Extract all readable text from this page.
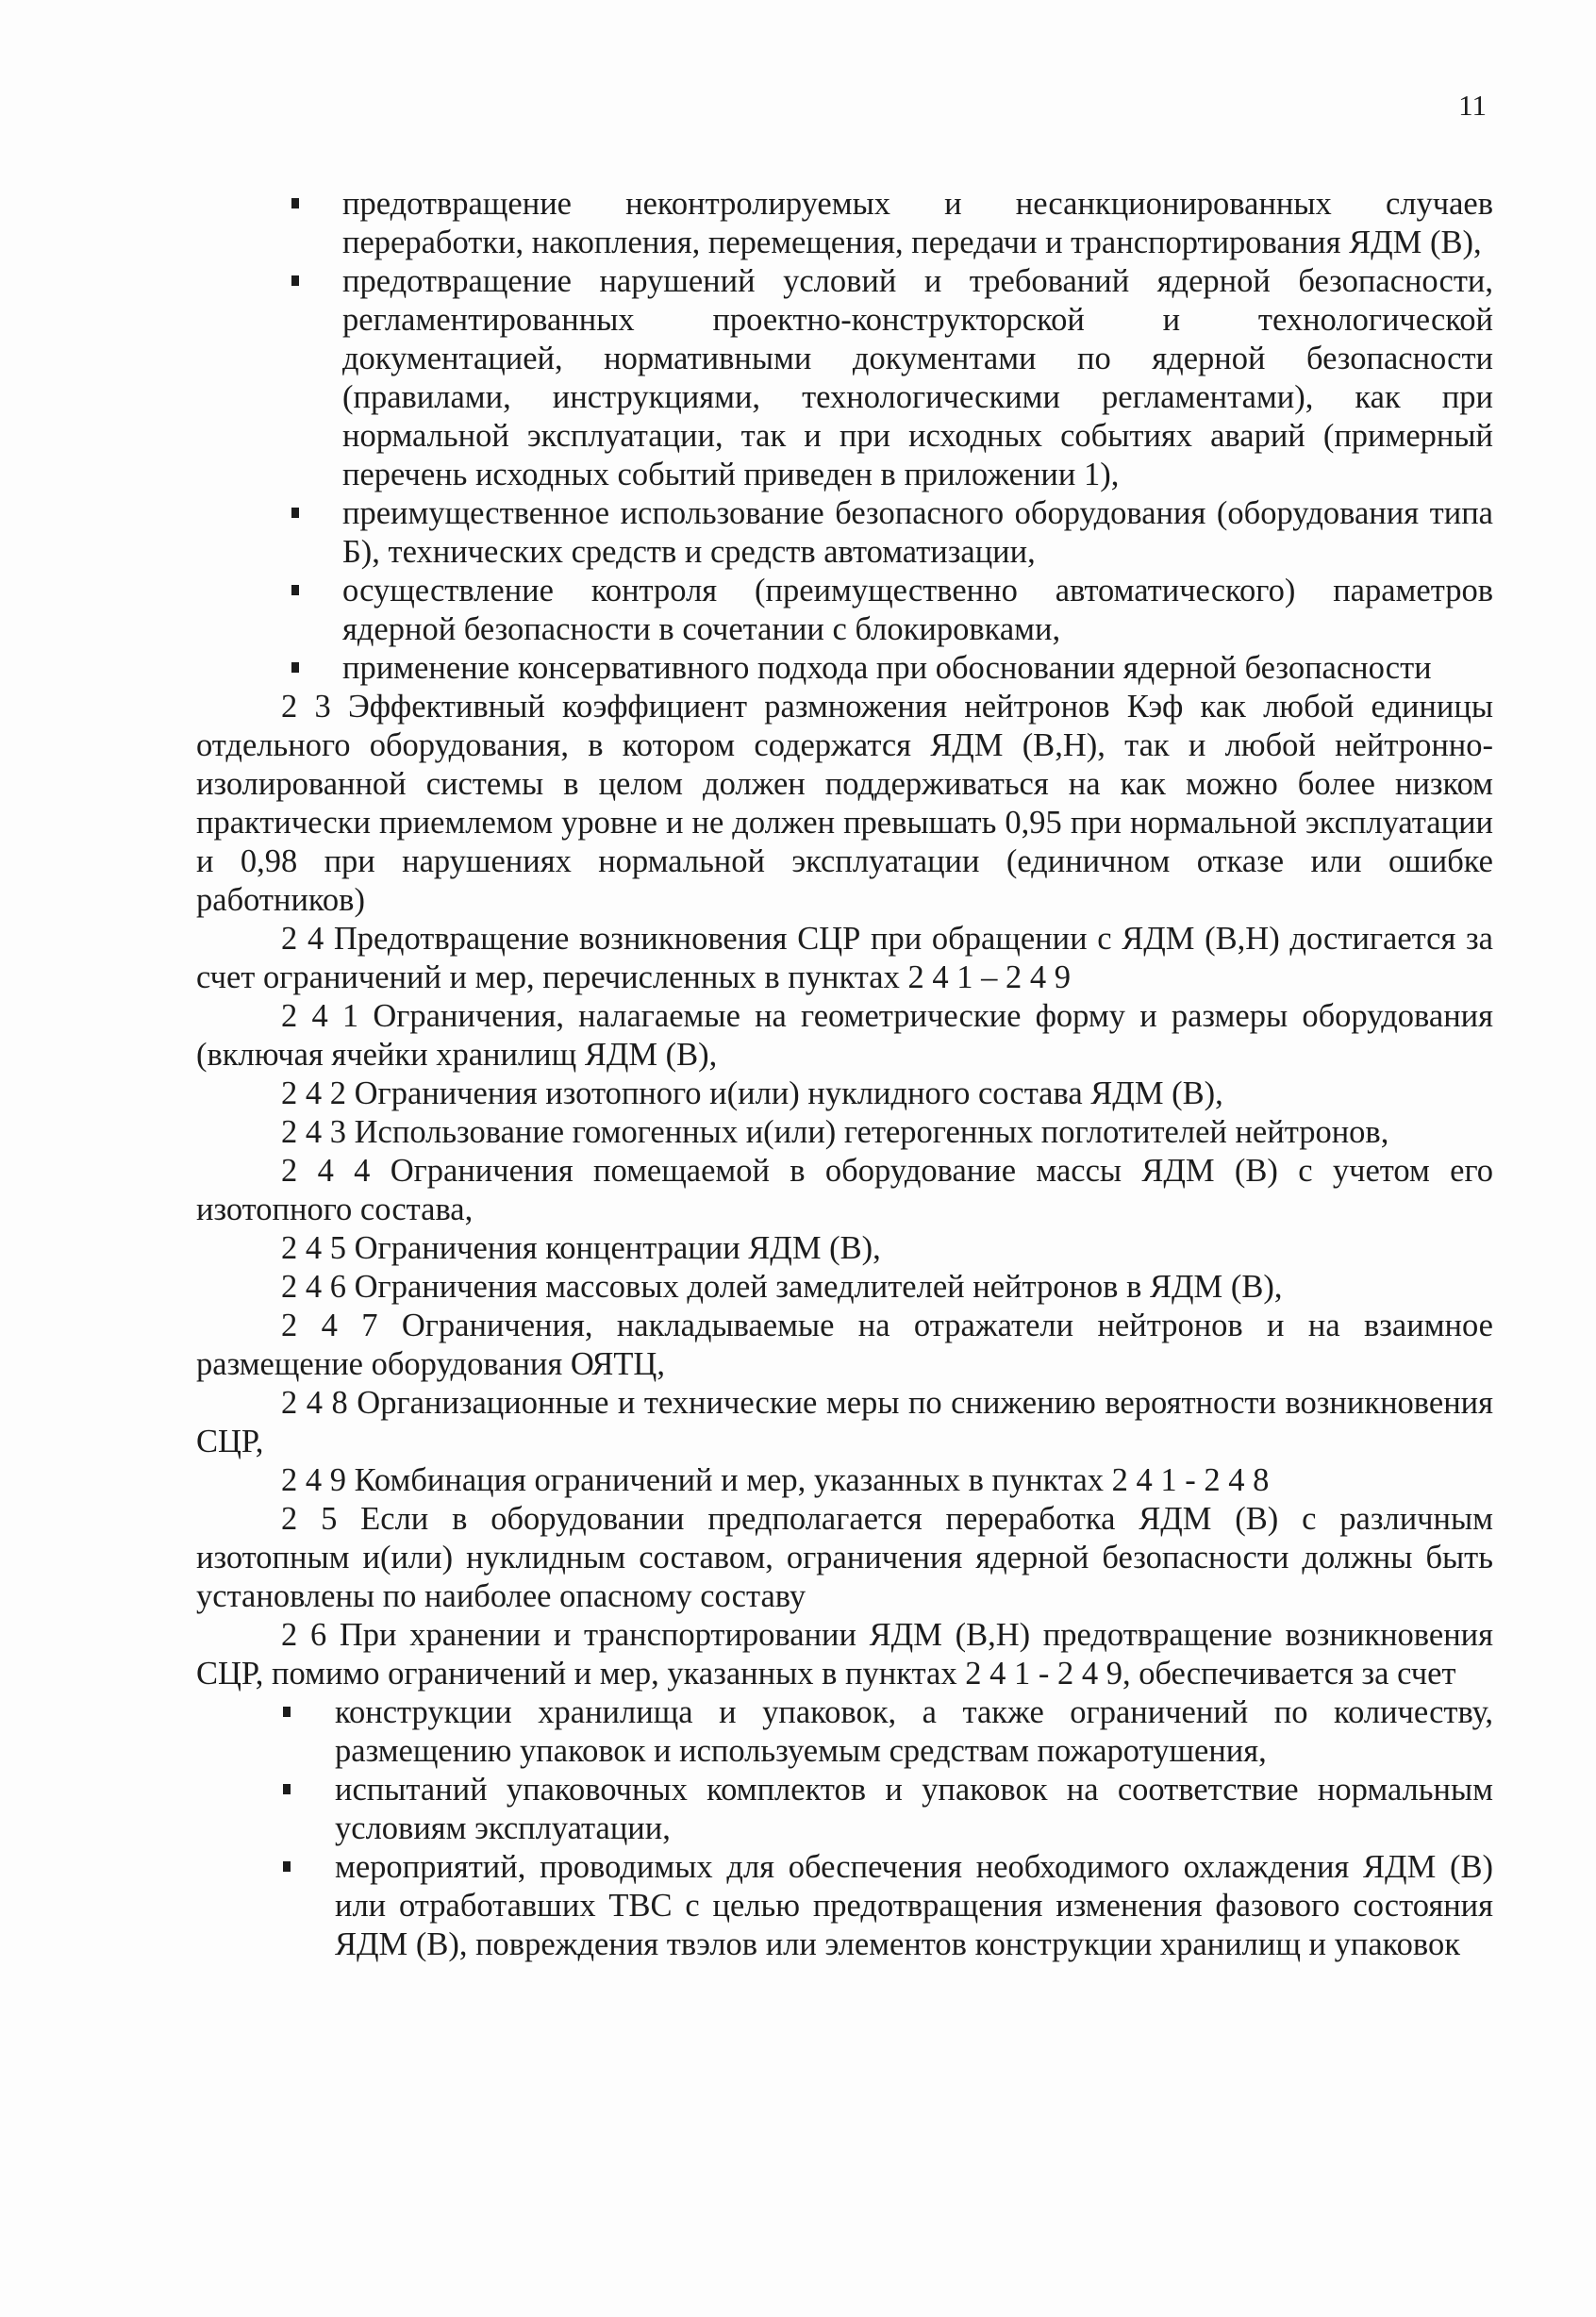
11
предотвращение неконтролируемых и несанкционированных случаев переработки, накопления, перемещения, передачи и транспортирования ЯДМ (В),
предотвращение нарушений условий и требований ядерной безопасности, регламентированных проектно-конструкторской и технологической документацией, нормативными документами по ядерной безопасности (правилами, инструкциями, технологическими регламентами), как при нормальной эксплуатации, так и при исходных событиях аварий (примерный перечень исходных событий приведен в приложении 1),
преимущественное использование безопасного оборудования (оборудования типа Б), технических средств и средств автоматизации,
осуществление контроля (преимущественно автоматического) параметров ядерной безопасности в сочетании с блокировками,
применение консервативного подхода при обосновании ядерной безопасности

2 3 Эффективный коэффициент размножения нейтронов Кэф как любой единицы отдельного оборудования, в котором содержатся ЯДМ (В,Н), так и любой нейтронно-изолированной системы в целом должен поддерживаться на как можно более низком практически приемлемом уровне и не должен превышать 0,95 при нормальной эксплуатации и 0,98 при нарушениях нормальной эксплуатации (единичном отказе или ошибке работников)

2 4 Предотвращение возникновения СЦР при обращении с ЯДМ (В,Н) достигается за счет ограничений и мер, перечисленных в пунктах 2 4 1 – 2 4 9

2 4 1 Ограничения, налагаемые на геометрические форму и размеры оборудования (включая ячейки хранилищ ЯДМ (В),

2 4 2 Ограничения изотопного и(или) нуклидного состава ЯДМ (В),

2 4 3 Использование гомогенных и(или) гетерогенных поглотителей нейтронов,

2 4 4 Ограничения помещаемой в оборудование массы ЯДМ (В) с учетом его изотопного состава,

2 4 5 Ограничения концентрации ЯДМ (В),

2 4 6 Ограничения массовых долей замедлителей нейтронов в ЯДМ (В),

2 4 7 Ограничения, накладываемые на отражатели нейтронов и на взаимное размещение оборудования ОЯТЦ,

2 4 8 Организационные и технические меры по снижению вероятности возникновения СЦР,

2 4 9 Комбинация ограничений и мер, указанных в пунктах 2 4 1 - 2 4 8

2 5 Если в оборудовании предполагается переработка ЯДМ (В) с различным изотопным и(или) нуклидным составом, ограничения ядерной безопасности должны быть установлены по наиболее опасному составу

2 6 При хранении и транспортировании ЯДМ (В,Н) предотвращение возникновения СЦР, помимо ограничений и мер, указанных в пунктах 2 4 1 - 2 4 9, обеспечивается за счет

конструкции хранилища и упаковок, а также ограничений по количеству, размещению упаковок и используемым средствам пожаротушения,
испытаний упаковочных комплектов и упаковок на соответствие нормальным условиям эксплуатации,
мероприятий, проводимых для обеспечения необходимого охлаждения ЯДМ (В) или отработавших ТВС с целью предотвращения изменения фазового состояния ЯДМ (В), повреждения твэлов или элементов конструкции хранилищ и упаковок
